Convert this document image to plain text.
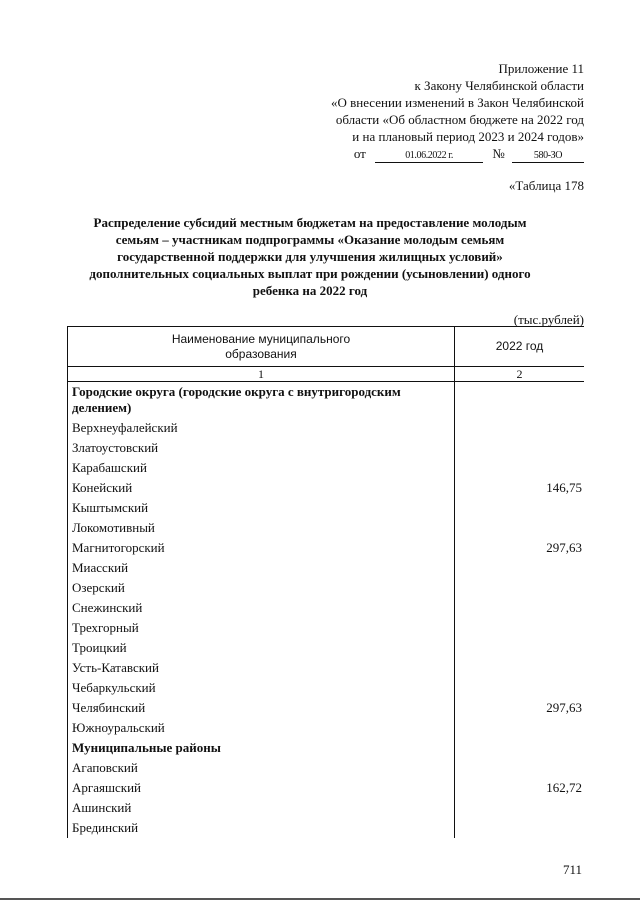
Приложение 11
к Закону Челябинской области
«О внесении изменений в Закон Челябинской
области «Об областном бюджете на 2022 год
и на плановый период 2023 и 2024 годов»
от	01.06.2022 г.	№	580-ЗО
«Таблица 178
Распределение субсидий местным бюджетам на предоставление молодым семьям – участникам подпрограммы «Оказание молодым семьям государственной поддержки для улучшения жилищных условий» дополнительных социальных выплат при рождении (усыновлении) одного ребенка на 2022 год
(тыс.рублей)
Наименование муниципального образования	2022 год
1	2
Городские округа (городские округа с внутригородским делением)	
Верхнеуфалейский	
Златоустовский	
Карабашский	
Конейский	146,75
Кыштымский	
Локомотивный	
Магнитогорский	297,63
Миасский	
Озерский	
Снежинский	
Трехгорный	
Троицкий	
Усть-Катавский	
Чебаркульский	
Челябинский	297,63
Южноуральский	
Муниципальные районы	
Агаповский	
Аргаяшский	162,72
Ашинский	
Брединский	
711
